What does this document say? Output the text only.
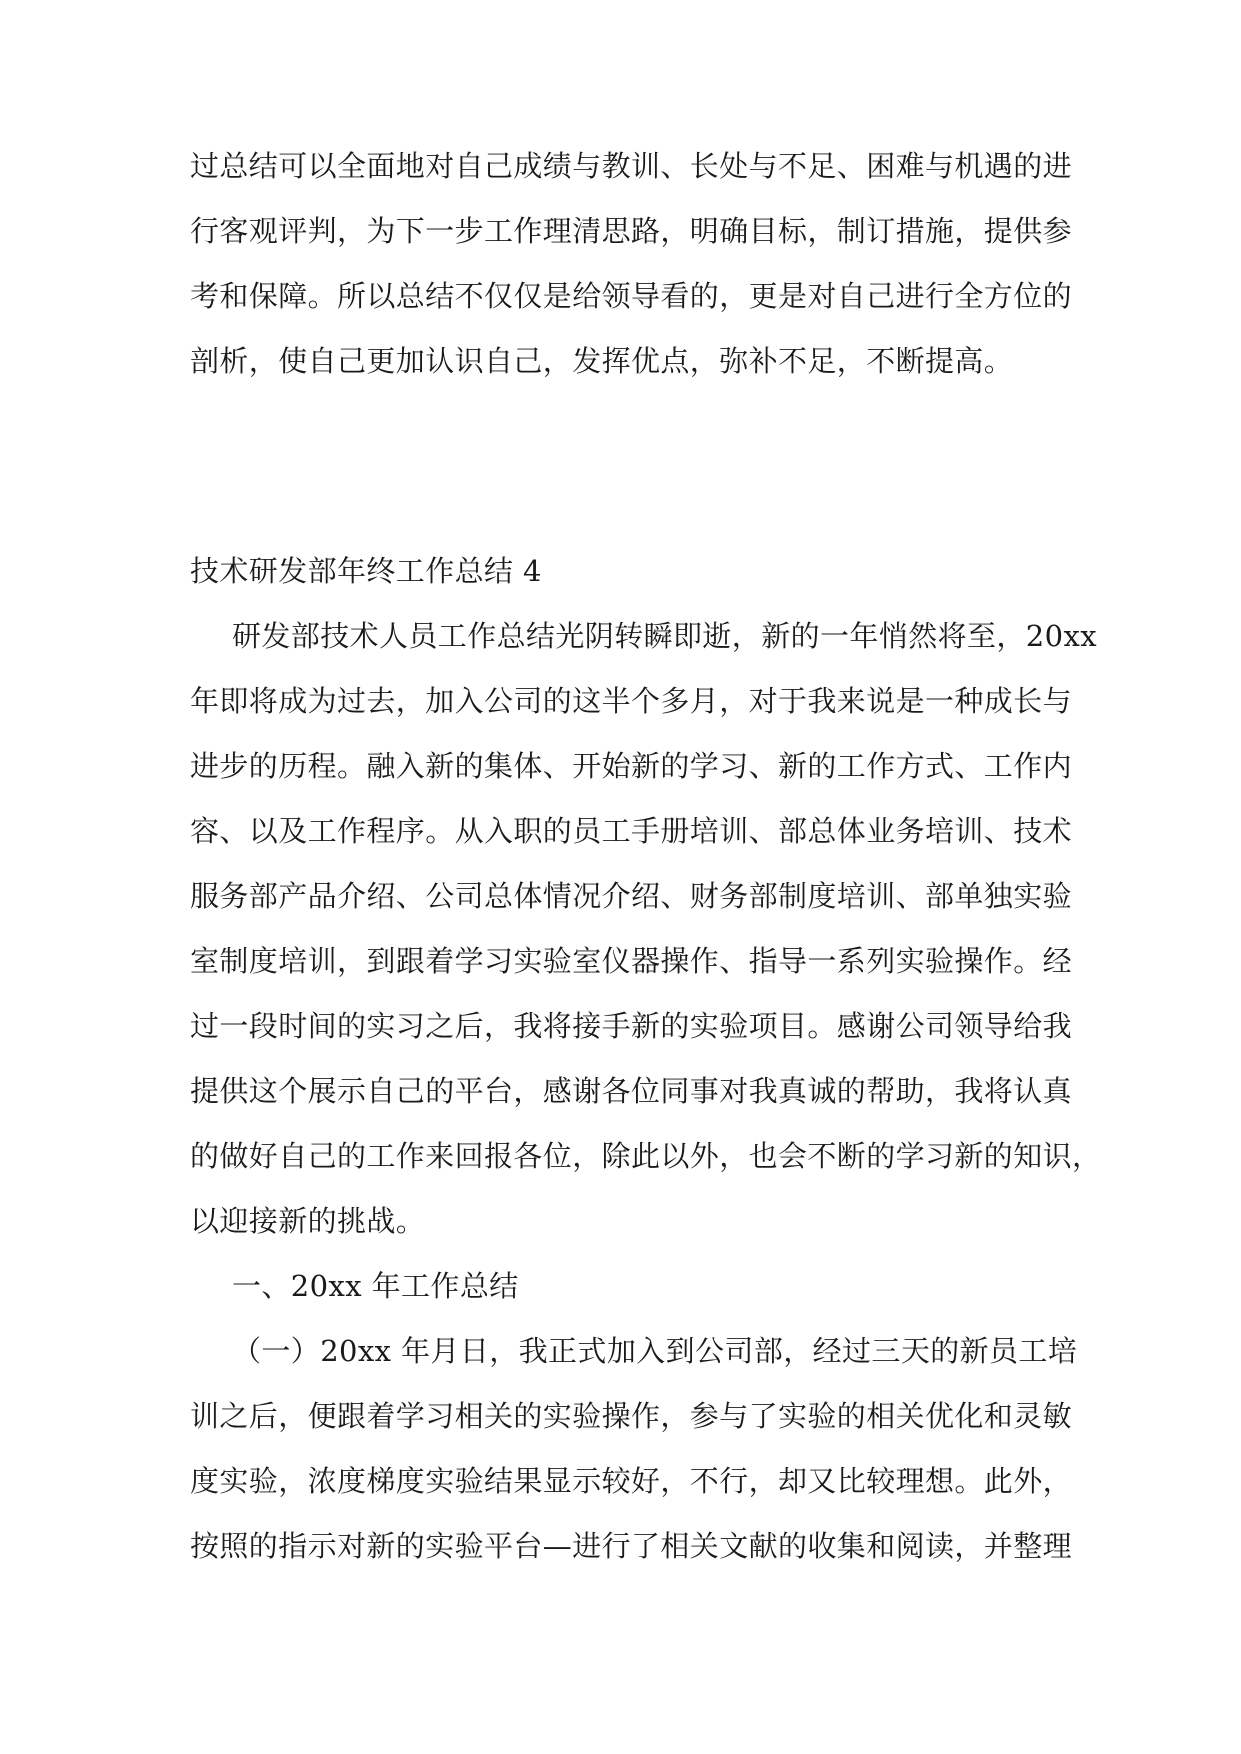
过总结可以全面地对自己成绩与教训、长处与不足、困难与机遇的进
行客观评判，为下一步工作理清思路，明确目标，制订措施，提供参
考和保障。所以总结不仅仅是给领导看的，更是对自己进行全方位的
剖析，使自己更加认识自己，发挥优点，弥补不足，不断提高。
技术研发部年终工作总结 4
研发部技术人员工作总结光阴转瞬即逝，新的一年悄然将至，20xx
年即将成为过去，加入公司的这半个多月，对于我来说是一种成长与
进步的历程。融入新的集体、开始新的学习、新的工作方式、工作内
容、以及工作程序。从入职的员工手册培训、部总体业务培训、技术
服务部产品介绍、公司总体情况介绍、财务部制度培训、部单独实验
室制度培训，到跟着学习实验室仪器操作、指导一系列实验操作。经
过一段时间的实习之后，我将接手新的实验项目。感谢公司领导给我
提供这个展示自己的平台，感谢各位同事对我真诚的帮助，我将认真
的做好自己的工作来回报各位，除此以外，也会不断的学习新的知识，
以迎接新的挑战。
一、20xx 年工作总结
（一）20xx 年月日，我正式加入到公司部，经过三天的新员工培
训之后，便跟着学习相关的实验操作，参与了实验的相关优化和灵敏
度实验，浓度梯度实验结果显示较好，不行，却又比较理想。此外，
按照的指示对新的实验平台—进行了相关文献的收集和阅读，并整理
